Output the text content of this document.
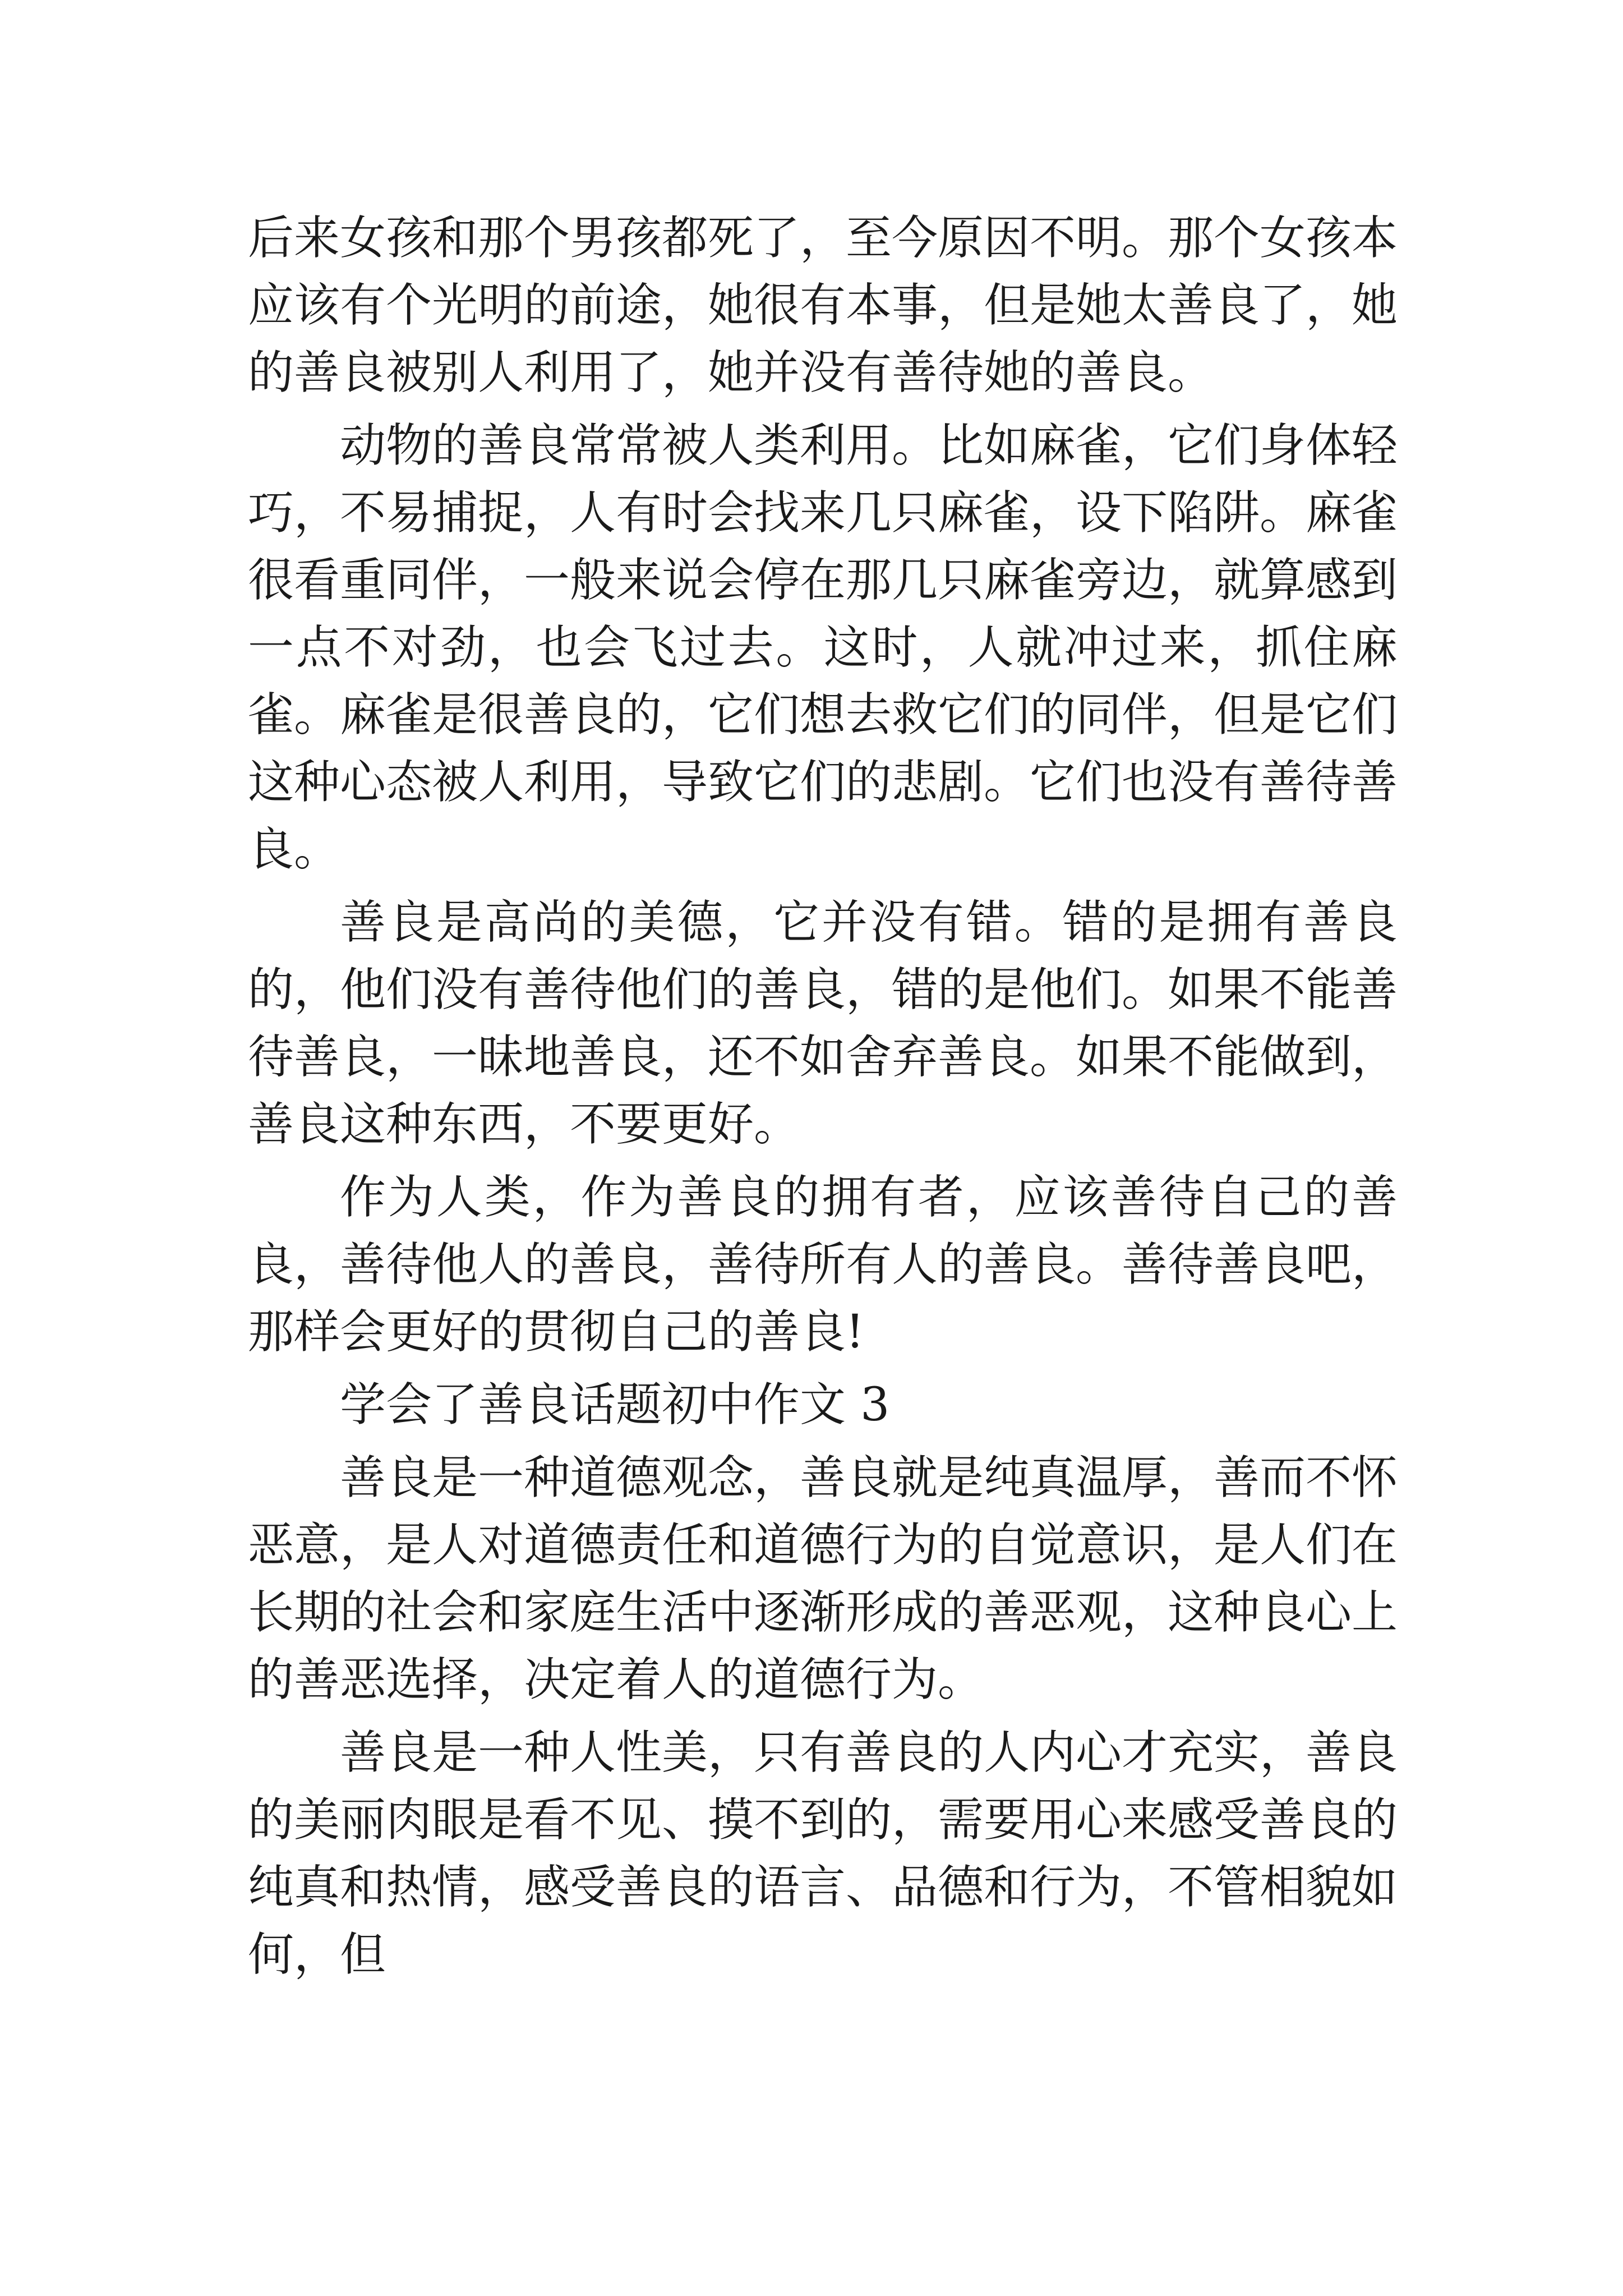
后来女孩和那个男孩都死了，至今原因不明。那个女孩本应该有个光明的前途，她很有本事，但是她太善良了，她的善良被别人利用了，她并没有善待她的善良。

动物的善良常常被人类利用。比如麻雀，它们身体轻巧，不易捕捉，人有时会找来几只麻雀，设下陷阱。麻雀很看重同伴，一般来说会停在那几只麻雀旁边，就算感到一点不对劲，也会飞过去。这时，人就冲过来，抓住麻雀。麻雀是很善良的，它们想去救它们的同伴，但是它们这种心态被人利用，导致它们的悲剧。它们也没有善待善良。

善良是高尚的美德，它并没有错。错的是拥有善良的，他们没有善待他们的善良，错的是他们。如果不能善待善良，一昧地善良，还不如舍弃善良。如果不能做到，善良这种东西，不要更好。

作为人类，作为善良的拥有者，应该善待自己的善良，善待他人的善良，善待所有人的善良。善待善良吧，那样会更好的贯彻自己的善良!

学会了善良话题初中作文 3

善良是一种道德观念，善良就是纯真温厚，善而不怀恶意，是人对道德责任和道德行为的自觉意识，是人们在长期的社会和家庭生活中逐渐形成的善恶观，这种良心上的善恶选择，决定着人的道德行为。

善良是一种人性美，只有善良的人内心才充实，善良的美丽肉眼是看不见、摸不到的，需要用心来感受善良的纯真和热情，感受善良的语言、品德和行为，不管相貌如何，但
